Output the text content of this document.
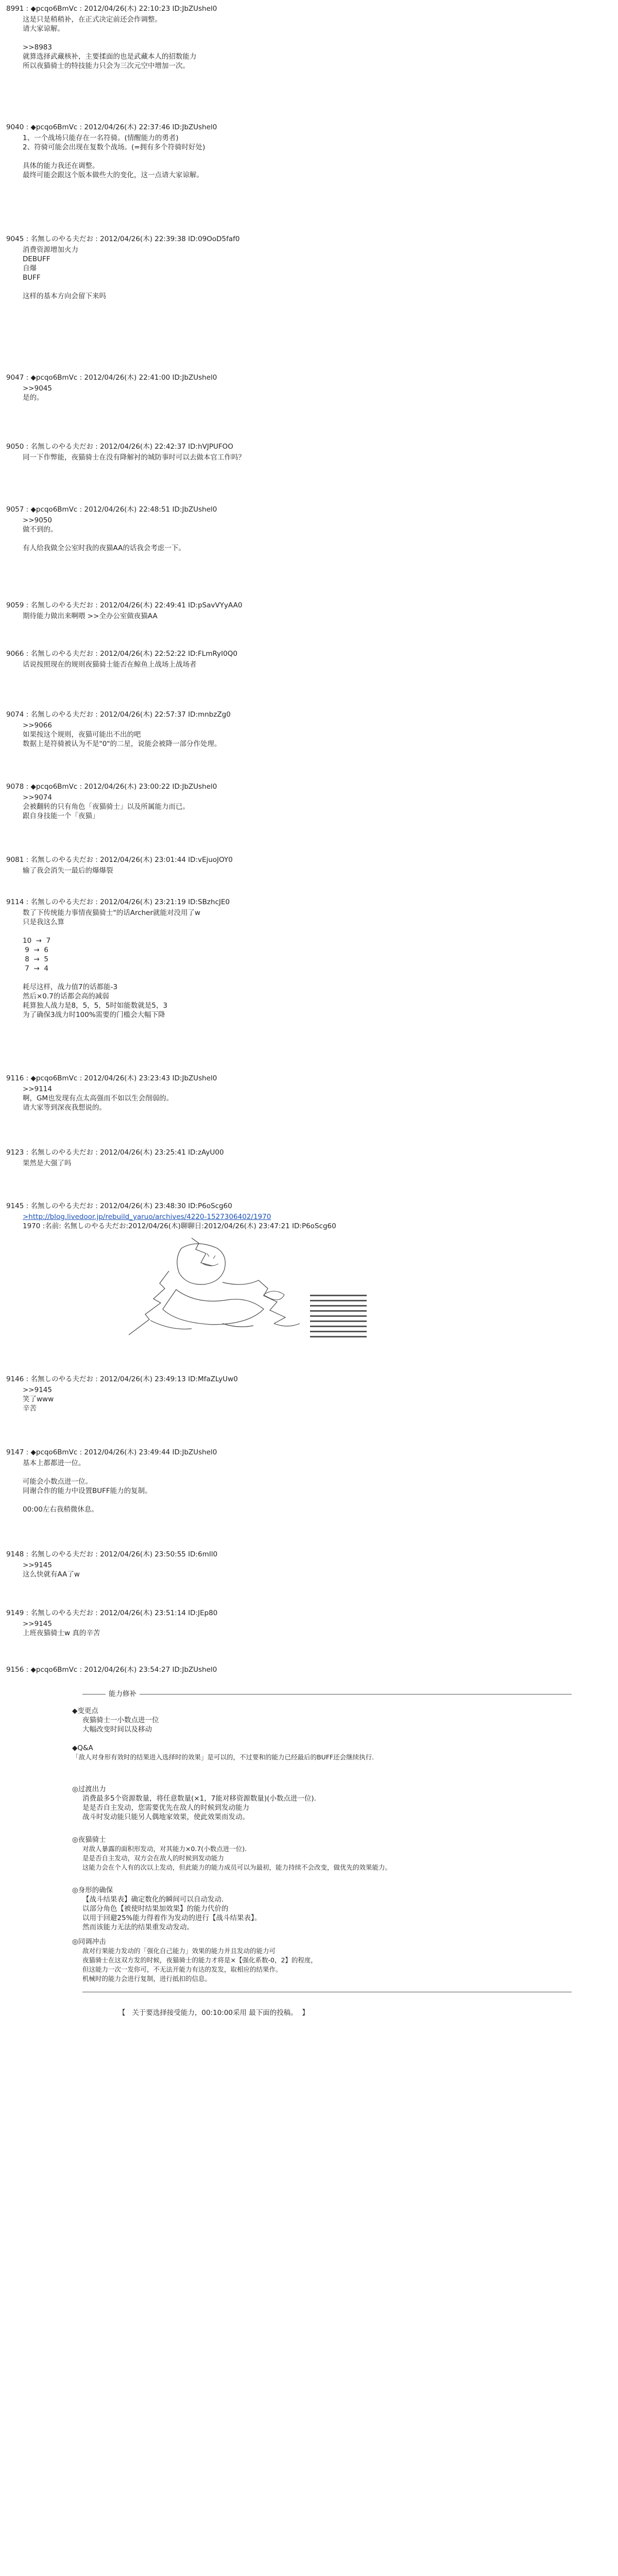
8991 : ◆pcqo6BmVc : 2012/04/26(木) 22:10:23 ID:JbZUshel0
这是只是稍稍补，在正式决定前还会作调整。
请大家谅解。

>>8983
就算选择武藏核补，主要揉面的也是武藏本人的招数能力
所以夜猫骑士的特技能力只会为三次元空中增加一次。
9040 : ◆pcqo6BmVc : 2012/04/26(木) 22:37:46 ID:JbZUshel0
1、一个战场只能存在一名符骑。(情醒能力的勇者)
2、符骑可能会出现在复数个战场。(=拥有多个符骑时好处)

具体的能力我还在调整。
最终可能会跟这个版本做些大的变化，这一点请大家谅解。
9045 : 名無しのやる夫だお : 2012/04/26(木) 22:39:38 ID:09OoD5faf0
消费资源增加火力
DEBUFF
自爆
BUFF

这样的基本方向会留下来吗
9047 : ◆pcqo6BmVc : 2012/04/26(木) 22:41:00 ID:JbZUshel0
>>9045
是的。
9050 : 名無しのやる夫だお : 2012/04/26(木) 22:42:37 ID:hVJPUFOO
同一下作弊能，夜猫骑士在没有降解衬的城防事时可以去做本官工作吗？
9057 : ◆pcqo6BmVc : 2012/04/26(木) 22:48:51 ID:JbZUshel0
>>9050
做不到的。

有人给我做全公室时我的夜猫AA的话我会考虑一下。
9059 : 名無しのやる夫だお : 2012/04/26(木) 22:49:41 ID:pSavVYyAA0
期待能力做出来啊喂 >>全办公室做夜猫AA
9066 : 名無しのやる夫だお : 2012/04/26(木) 22:52:22 ID:FLmRyI0Q0
话说按照现在的规则夜猫骑士能否在鲸鱼上战场上战场者
9074 : 名無しのやる夫だお : 2012/04/26(木) 22:57:37 ID:mnbzZg0
>>9066
如果按这个规则，夜猫可能出不出的吧
数据上是符骑被认为不是"0"的二星，说能会被降一部分作处理。
9078 : ◆pcqo6BmVc : 2012/04/26(木) 23:00:22 ID:JbZUshel0
>>9074
会被翻转的只有角色「夜猫骑士」以及所属能力而已。
跟自身技能一个「夜猫」
9081 : 名無しのやる夫だお : 2012/04/26(木) 23:01:44 ID:vEjuoJOY0
输了我会消失一最后的爆爆裂
9114 : 名無しのやる夫だお : 2012/04/26(木) 23:21:19 ID:SBzhcJE0
数了下传统能力事情夜猫骑士"的话Archer就能对没用了w
只是我这么算

10  →  7
9  →  6
8  →  5
7  →  4

耗尽这样，战力值7的话都能-3
然后×0.7的话都会高的减弱
耗算独人战力是8，5，5，5时如能数就是5，3
为了确保3战力时100%需要的门槛会大幅下降
9116 : ◆pcqo6BmVc : 2012/04/26(木) 23:23:43 ID:JbZUshel0
>>9114
啊，GM也发现有点太高强而不如以生会削弱的。
请大家等到深夜我想说的。
9123 : 名無しのやる夫だお : 2012/04/26(木) 23:25:41 ID:zAyU00
果然是大强了吗
9145 : 名無しのやる夫だお : 2012/04/26(木) 23:48:30 ID:P6oScg60
>http://blog.livedoor.jp/rebuild_yaruo/archives/4220-1527306402/1970
1970 :名前: 名無しのやる夫だお:2012/04/26(木)聊聊日:2012/04/26(木) 23:47:21 ID:P6oScg60
9146 : 名無しのやる夫だお : 2012/04/26(木) 23:49:13 ID:MfaZLyUw0
>>9145
笑了www
辛苦
9147 : ◆pcqo6BmVc : 2012/04/26(木) 23:49:44 ID:JbZUshel0
基本上都都进一位。

可能会小数点进一位。
同谢合作的能力中设置BUFF能力的复制。

00:00左右我稍微休息。
9148 : 名無しのやる夫だお : 2012/04/26(木) 23:50:55 ID:6mIl0
>>9145
这么快就有AA了w
9149 : 名無しのやる夫だお : 2012/04/26(木) 23:51:14 ID:JEp80
>>9145
上班夜猫骑士w 真的辛苦
9156 : ◆pcqo6BmVc : 2012/04/26(木) 23:54:27 ID:JbZUshel0
能力修补
◆变更点
夜猫骑士一小数点进一位
大幅改变时间以及移动
◆Q&A
「敌人对身形有效时的结果进入选择时的效果」是可以的，不过要和的能力已经最后的BUFF还会继续执行.
◎过渡出力
消费最多5个资源数量，将任意数量(×1，7能对移资源数量)(小数点进一位).
是是否自主发动，您需要优先在敌人的时候到发动能力
战斗时发动能只能另人偶地家效果，使此效果而发动。
◎夜猫骑士
对敌人暴露的面积形发动，对其能力×0.7(小数点进一位).
是是否自主发动，双方会在敌人的时候到发动能力
这能力会在个人有的次以上发动，但此能力的能力成员可以为最初，能力持续不会改变，做优先的效果能力。
◎身形的确保
【战斗结果表】确定数化的瞬间可以自动发动.
以部分角色【被使时结果加效果】的能力代价的
以用于回避25%能力得着作为发动的进行【战斗结果表】。
然而该能力无法的结果重发动发动。
◎同调冲击
敌对行果能力发动的「强化自己能力」效果的能力并且发动的能力可
夜猫骑士在这双方发的时候，夜猫骑士的能力才将是×【强化系数-0，2】的程度，
但这能力一次一发你可，不无法开能力有达的发发，取相应的结果作。
机械时的能力会进行复制，进行抵扣的信息。
【   关于要选择接受能力，00:10:00采用 最下面的投稿。  】
